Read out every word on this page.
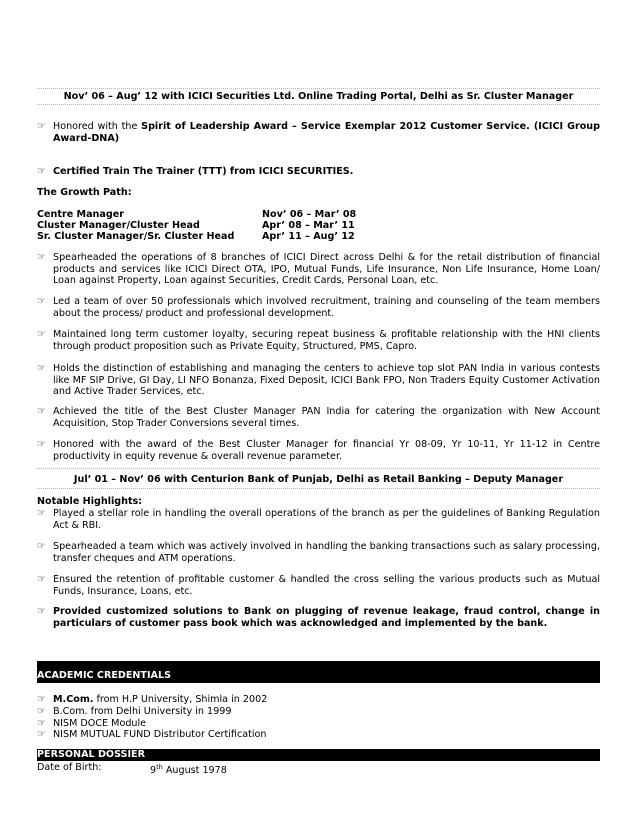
Nov’ 06 – Aug’ 12 with ICICI Securities Ltd. Online Trading Portal, Delhi as Sr. Cluster Manager
☞ Honored with the Spirit of Leadership Award – Service Exemplar 2012 Customer Service. (ICICI Group Award-DNA)
☞ Certified Train The Trainer (TTT) from ICICI SECURITIES.
The Growth Path:
Centre Manager	Nov’ 06 – Mar’ 08
Cluster Manager/Cluster Head	Apr’ 08 – Mar’ 11
Sr. Cluster Manager/Sr. Cluster Head	Apr’ 11 – Aug’ 12
☞ Spearheaded the operations of 8 branches of ICICI Direct across Delhi & for the retail distribution of financial products and services like ICICI Direct OTA, IPO, Mutual Funds, Life Insurance, Non Life Insurance, Home Loan/ Loan against Property, Loan against Securities, Credit Cards, Personal Loan, etc.
☞ Led a team of over 50 professionals which involved recruitment, training and counseling of the team members about the process/ product and professional development.
☞ Maintained long term customer loyalty, securing repeat business & profitable relationship with the HNI clients through product proposition such as Private Equity, Structured, PMS, Capro.
☞ Holds the distinction of establishing and managing the centers to achieve top slot PAN India in various contests like MF SIP Drive, GI Day, LI NFO Bonanza, Fixed Deposit, ICICI Bank FPO, Non Traders Equity Customer Activation and Active Trader Services, etc.
☞ Achieved the title of the Best Cluster Manager PAN India for catering the organization with New Account Acquisition, Stop Trader Conversions several times.
☞ Honored with the award of the Best Cluster Manager for financial Yr 08-09, Yr 10-11, Yr 11-12 in Centre productivity in equity revenue & overall revenue parameter.
Jul’ 01 – Nov’ 06 with Centurion Bank of Punjab, Delhi as Retail Banking – Deputy Manager
Notable Highlights:
☞ Played a stellar role in handling the overall operations of the branch as per the guidelines of Banking Regulation Act & RBI.
☞ Spearheaded a team which was actively involved in handling the banking transactions such as salary processing, transfer cheques and ATM operations.
☞ Ensured the retention of profitable customer & handled the cross selling the various products such as Mutual Funds, Insurance, Loans, etc.
☞ Provided customized solutions to Bank on plugging of revenue leakage, fraud control, change in particulars of customer pass book which was acknowledged and implemented by the bank.
ACADEMIC CREDENTIALS
☞ M.Com. from H.P University, Shimla in 2002
☞ B.Com. from Delhi University in 1999
☞ NISM DOCE Module
☞ NISM MUTUAL FUND Distributor Certification
PERSONAL DOSSIER
Date of Birth:	9th August 1978
